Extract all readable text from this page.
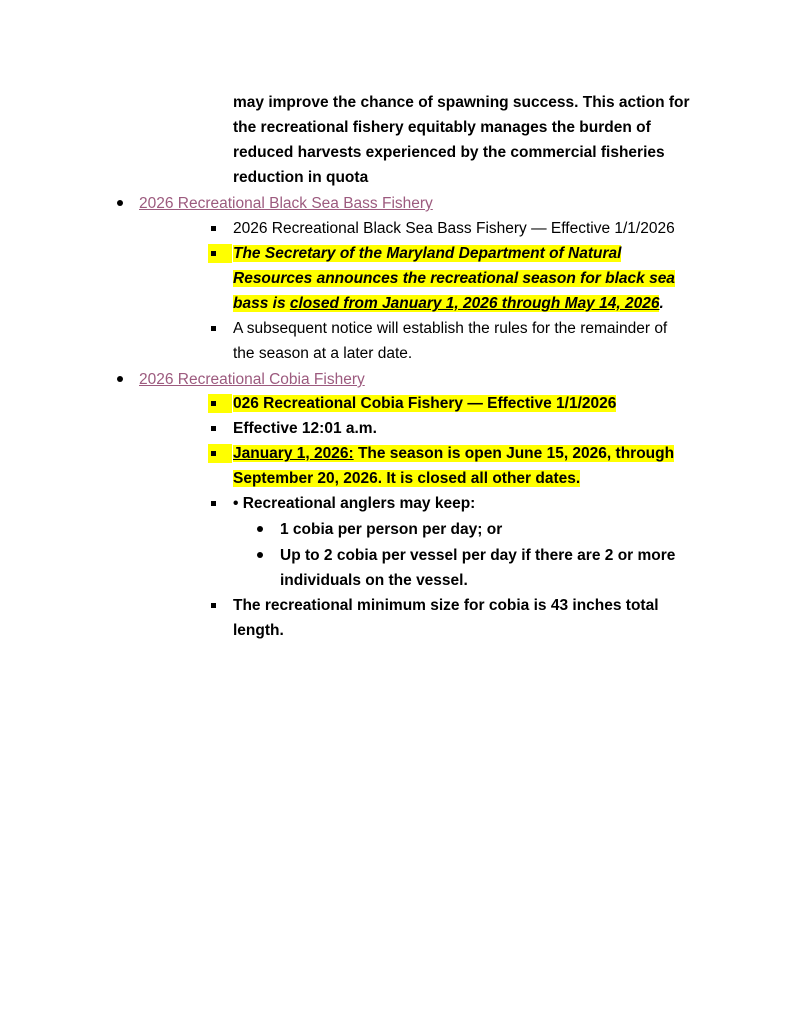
may improve the chance of spawning success. This action for
the recreational fishery equitably manages the burden of
reduced harvests experienced by the commercial fisheries
reduction in quota
2026 Recreational Black Sea Bass Fishery
2026 Recreational Black Sea Bass Fishery — Effective 1/1/2026
The Secretary of the Maryland Department of Natural
Resources announces the recreational season for black sea
bass is closed from January 1, 2026 through May 14, 2026.
A subsequent notice will establish the rules for the remainder of
the season at a later date.
2026 Recreational Cobia Fishery
026 Recreational Cobia Fishery — Effective 1/1/2026
Effective 12:01 a.m.
January 1, 2026: The season is open June 15, 2026, through
September 20, 2026. It is closed all other dates.
• Recreational anglers may keep:
1 cobia per person per day; or
Up to 2 cobia per vessel per day if there are 2 or more
individuals on the vessel.
The recreational minimum size for cobia is 43 inches total
length.
